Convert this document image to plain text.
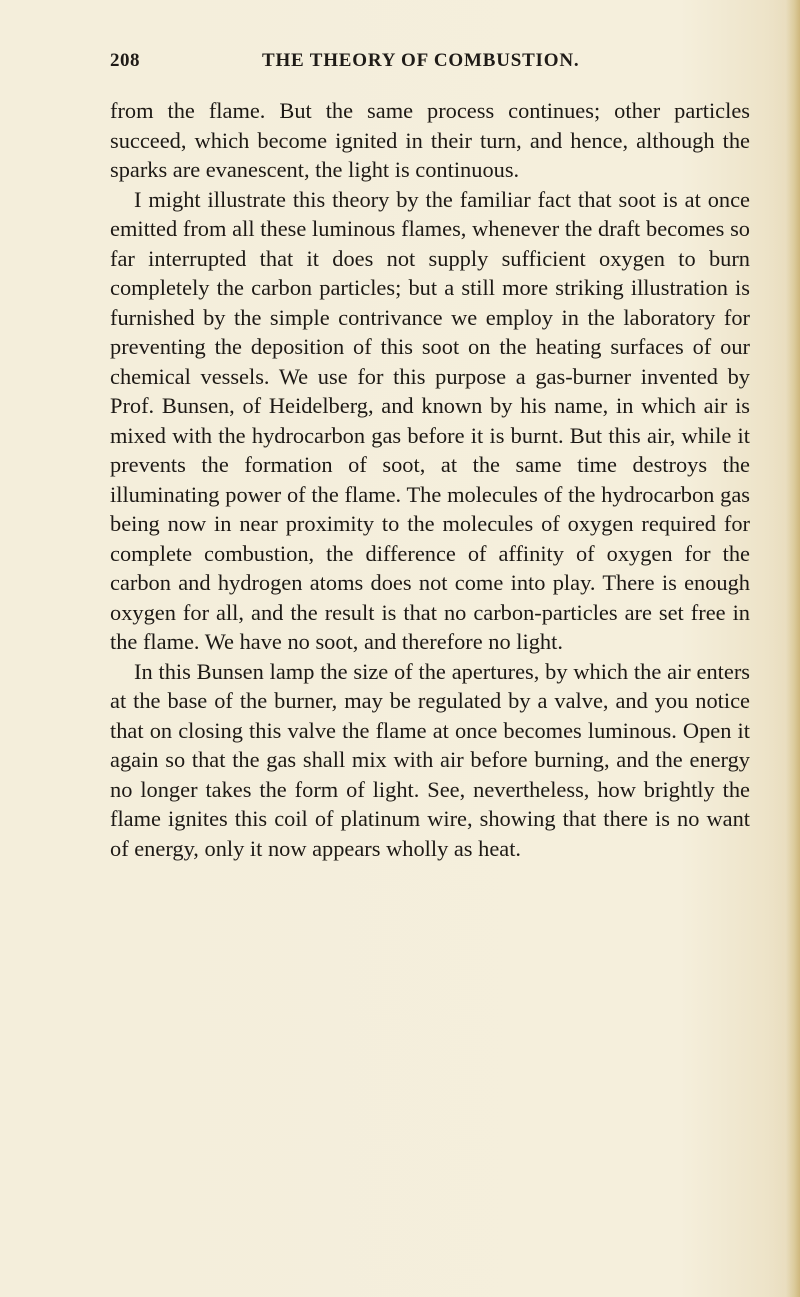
208	THE THEORY OF COMBUSTION.

from the flame. But the same process continues; other particles succeed, which become ignited in their turn, and hence, although the sparks are evanescent, the light is continuous.

I might illustrate this theory by the familiar fact that soot is at once emitted from all these luminous flames, whenever the draft becomes so far interrupted that it does not supply sufficient oxygen to burn completely the carbon particles; but a still more striking illustration is furnished by the simple contrivance we employ in the laboratory for preventing the deposition of this soot on the heating surfaces of our chemical vessels. We use for this purpose a gas-burner invented by Prof. Bunsen, of Heidelberg, and known by his name, in which air is mixed with the hydrocarbon gas before it is burnt. But this air, while it prevents the formation of soot, at the same time destroys the illuminating power of the flame. The molecules of the hydrocarbon gas being now in near proximity to the molecules of oxygen required for complete combustion, the difference of affinity of oxygen for the carbon and hydrogen atoms does not come into play. There is enough oxygen for all, and the result is that no carbon-particles are set free in the flame. We have no soot, and therefore no light.

In this Bunsen lamp the size of the apertures, by which the air enters at the base of the burner, may be regulated by a valve, and you notice that on closing this valve the flame at once becomes luminous. Open it again so that the gas shall mix with air before burning, and the energy no longer takes the form of light. See, nevertheless, how brightly the flame ignites this coil of platinum wire, showing that there is no want of energy, only it now appears wholly as heat.
